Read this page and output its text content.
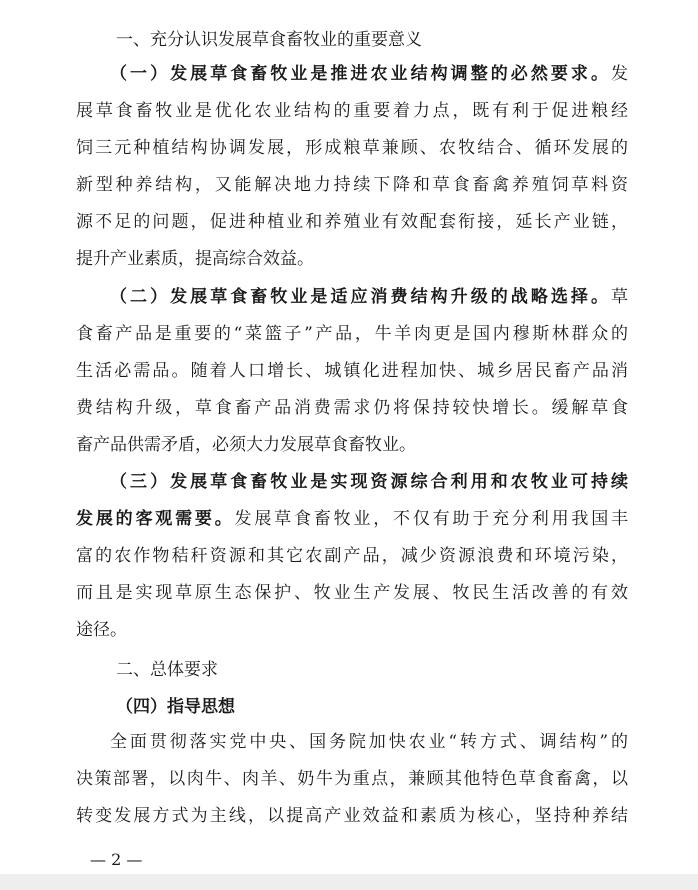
一、充分认识发展草食畜牧业的重要意义
（一）发展草食畜牧业是推进农业结构调整的必然要求。发
展草食畜牧业是优化农业结构的重要着力点，既有利于促进粮经
饲三元种植结构协调发展，形成粮草兼顾、农牧结合、循环发展的
新型种养结构，又能解决地力持续下降和草食畜禽养殖饲草料资
源不足的问题，促进种植业和养殖业有效配套衔接，延长产业链，
提升产业素质，提高综合效益。
（二）发展草食畜牧业是适应消费结构升级的战略选择。草
食畜产品是重要的“菜篮子”产品，牛羊肉更是国内穆斯林群众的
生活必需品。随着人口增长、城镇化进程加快、城乡居民畜产品消
费结构升级，草食畜产品消费需求仍将保持较快增长。缓解草食
畜产品供需矛盾，必须大力发展草食畜牧业。
（三）发展草食畜牧业是实现资源综合利用和农牧业可持续
发展的客观需要。发展草食畜牧业，不仅有助于充分利用我国丰
富的农作物秸秆资源和其它农副产品，减少资源浪费和环境污染，
而且是实现草原生态保护、牧业生产发展、牧民生活改善的有效
途径。
二、总体要求
（四）指导思想
全面贯彻落实党中央、国务院加快农业“转方式、调结构”的
决策部署，以肉牛、肉羊、奶牛为重点，兼顾其他特色草食畜禽，以
转变发展方式为主线，以提高产业效益和素质为核心，坚持种养结
— 2 —
